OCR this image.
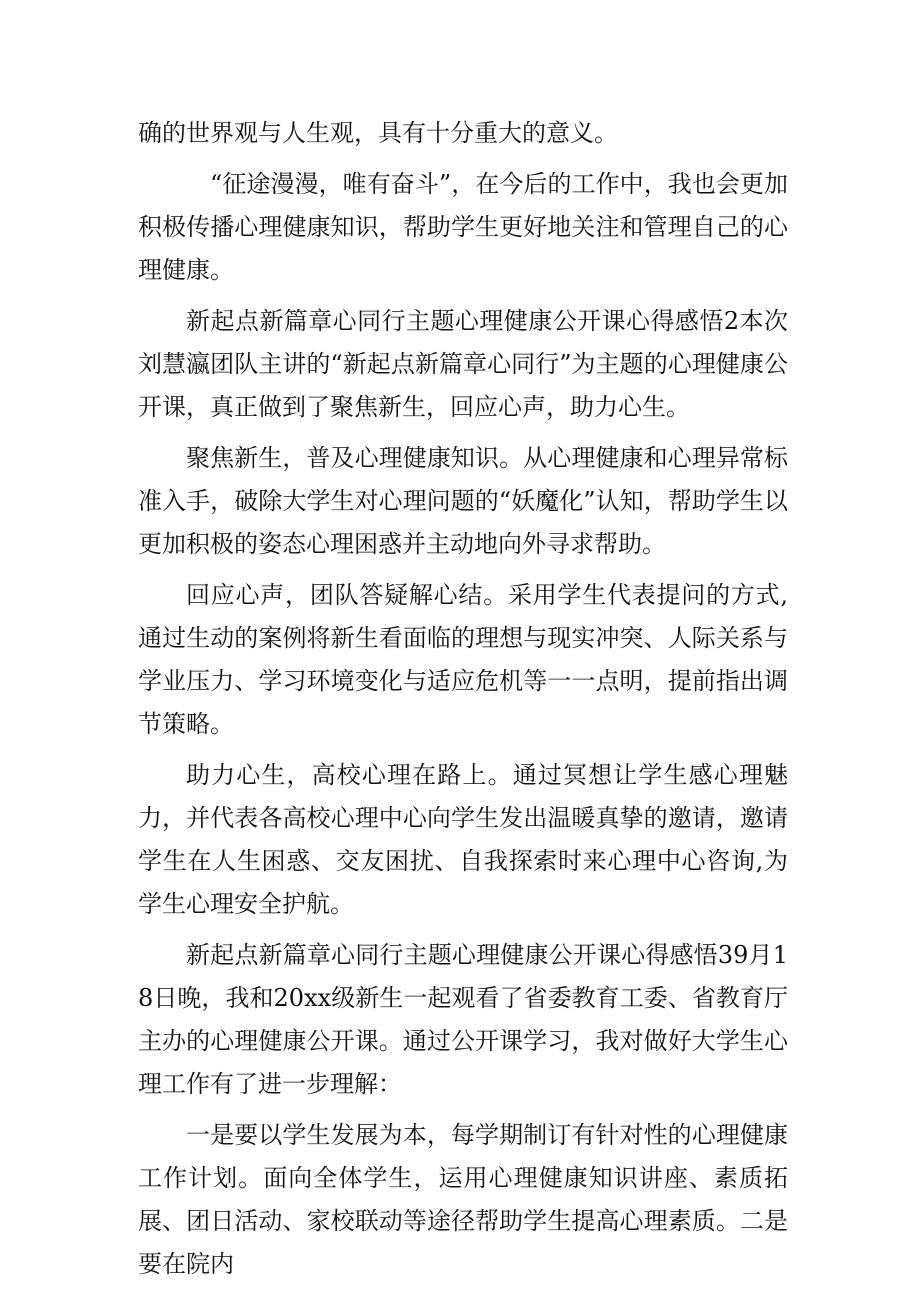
确的世界观与人生观，具有十分重大的意义。

“征途漫漫，唯有奋斗”，在今后的工作中，我也会更加积极传播心理健康知识，帮助学生更好地关注和管理自己的心理健康。

新起点新篇章心同行主题心理健康公开课心得感悟2本次刘慧瀛团队主讲的“新起点新篇章心同行”为主题的心理健康公开课，真正做到了聚焦新生，回应心声，助力心生。

聚焦新生，普及心理健康知识。从心理健康和心理异常标准入手，破除大学生对心理问题的“妖魔化”认知，帮助学生以更加积极的姿态心理困惑并主动地向外寻求帮助。

回应心声，团队答疑解心结。采用学生代表提问的方式,通过生动的案例将新生看面临的理想与现实冲突、人际关系与学业压力、学习环境变化与适应危机等一一点明，提前指出调节策略。

助力心生，高校心理在路上。通过冥想让学生感心理魅力，并代表各高校心理中心向学生发出温暖真挚的邀请，邀请学生在人生困惑、交友困扰、自我探索时来心理中心咨询,为学生心理安全护航。

新起点新篇章心同行主题心理健康公开课心得感悟39月18日晚，我和20xx级新生一起观看了省委教育工委、省教育厅主办的心理健康公开课。通过公开课学习，我对做好大学生心理工作有了进一步理解：

一是要以学生发展为本，每学期制订有针对性的心理健康工作计划。面向全体学生，运用心理健康知识讲座、素质拓展、团日活动、家校联动等途径帮助学生提高心理素质。二是要在院内
